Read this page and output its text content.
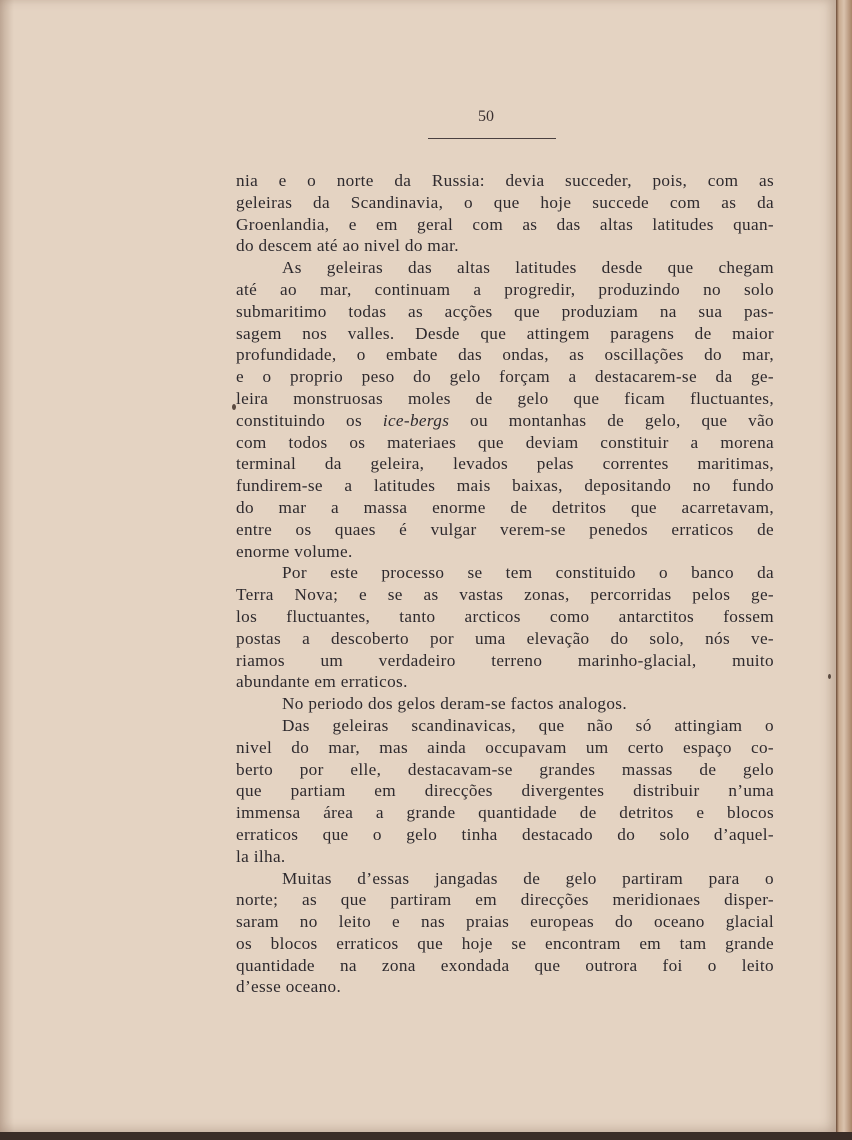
50
nia e o norte da Russia: devia succeder, pois, com as
geleiras da Scandinavia, o que hoje succede com as da
Groenlandia, e em geral com as das altas latitudes quan-
do descem até ao nivel do mar.
As geleiras das altas latitudes desde que chegam
até ao mar, continuam a progredir, produzindo no solo
submaritimo todas as acções que produziam na sua pas-
sagem nos valles. Desde que attingem paragens de maior
profundidade, o embate das ondas, as oscillações do mar,
e o proprio peso do gelo forçam a destacarem-se da ge-
leira monstruosas moles de gelo que ficam fluctuantes,
constituindo os ice-bergs ou montanhas de gelo, que vão
com todos os materiaes que deviam constituir a morena
terminal da geleira, levados pelas correntes maritimas,
fundirem-se a latitudes mais baixas, depositando no fundo
do mar a massa enorme de detritos que acarretavam,
entre os quaes é vulgar verem-se penedos erraticos de
enorme volume.
Por este processo se tem constituido o banco da
Terra Nova; e se as vastas zonas, percorridas pelos ge-
los fluctuantes, tanto arcticos como antarctitos fossem
postas a descoberto por uma elevação do solo, nós ve-
riamos um verdadeiro terreno marinho-glacial, muito
abundante em erraticos.
No periodo dos gelos deram-se factos analogos.
Das geleiras scandinavicas, que não só attingiam o
nivel do mar, mas ainda occupavam um certo espaço co-
berto por elle, destacavam-se grandes massas de gelo
que partiam em direcções divergentes distribuir n’uma
immensa área a grande quantidade de detritos e blocos
erraticos que o gelo tinha destacado do solo d’aquel-
la ilha.
Muitas d’essas jangadas de gelo partiram para o
norte; as que partiram em direcções meridionaes disper-
saram no leito e nas praias europeas do oceano glacial
os blocos erraticos que hoje se encontram em tam grande
quantidade na zona exondada que outrora foi o leito
d’esse oceano.
